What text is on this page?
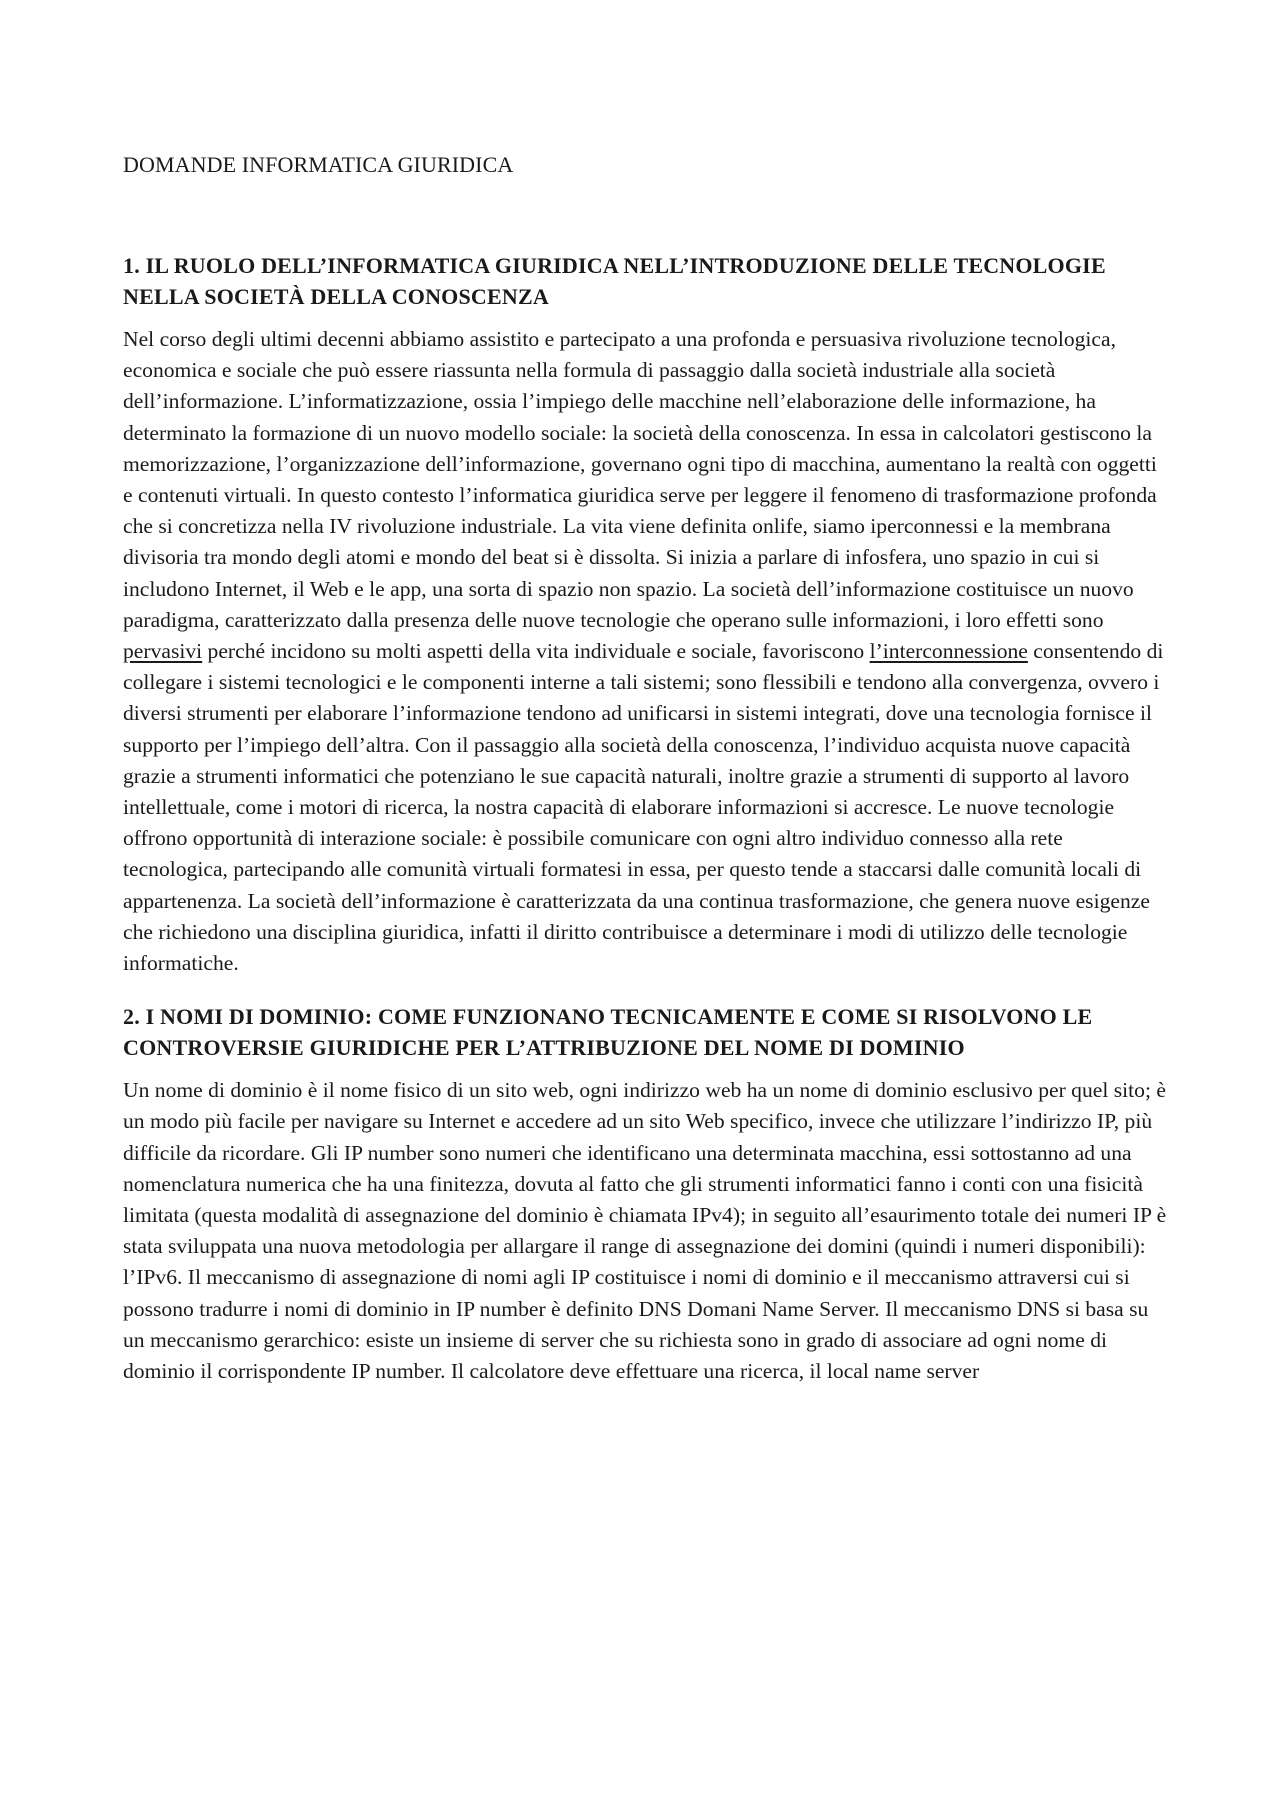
DOMANDE INFORMATICA GIURIDICA
1. IL RUOLO DELL’INFORMATICA GIURIDICA NELL’INTRODUZIONE DELLE TECNOLOGIE NELLA SOCIETÀ DELLA CONOSCENZA
Nel corso degli ultimi decenni abbiamo assistito e partecipato a una profonda e persuasiva rivoluzione tecnologica, economica e sociale che può essere riassunta nella formula di passaggio dalla società industriale alla società dell’informazione. L’informatizzazione, ossia l’impiego delle macchine nell’elaborazione delle informazione, ha determinato la formazione di un nuovo modello sociale: la società della conoscenza. In essa in calcolatori gestiscono la memorizzazione, l’organizzazione dell’informazione, governano ogni tipo di macchina, aumentano la realtà con oggetti e contenuti virtuali. In questo contesto l’informatica giuridica serve per leggere il fenomeno di trasformazione profonda che si concretizza nella IV rivoluzione industriale. La vita viene definita onlife, siamo iperconnessi e la membrana divisoria tra mondo degli atomi e mondo del beat si è dissolta. Si inizia a parlare di infosfera, uno spazio in cui si includono Internet, il Web e le app, una sorta di spazio non spazio. La società dell’informazione costituisce un nuovo paradigma, caratterizzato dalla presenza delle nuove tecnologie che operano sulle informazioni, i loro effetti sono pervasivi perché incidono su molti aspetti della vita individuale e sociale, favoriscono l’interconnessione consentendo di collegare i sistemi tecnologici e le componenti interne a tali sistemi; sono flessibili e tendono alla convergenza, ovvero i diversi strumenti per elaborare l’informazione tendono ad unificarsi in sistemi integrati, dove una tecnologia fornisce il supporto per l’impiego dell’altra. Con il passaggio alla società della conoscenza, l’individuo acquista nuove capacità grazie a strumenti informatici che potenziano le sue capacità naturali, inoltre grazie a strumenti di supporto al lavoro intellettuale, come i motori di ricerca, la nostra capacità di elaborare informazioni si accresce. Le nuove tecnologie offrono opportunità di interazione sociale: è possibile comunicare con ogni altro individuo connesso alla rete tecnologica, partecipando alle comunità virtuali formatesi in essa, per questo tende a staccarsi dalle comunità locali di appartenenza. La società dell’informazione è caratterizzata da una continua trasformazione, che genera nuove esigenze che richiedono una disciplina giuridica, infatti il diritto contribuisce a determinare i modi di utilizzo delle tecnologie informatiche.
2. I NOMI DI DOMINIO: COME FUNZIONANO TECNICAMENTE E COME SI RISOLVONO LE CONTROVERSIE GIURIDICHE PER L’ATTRIBUZIONE DEL NOME DI DOMINIO
Un nome di dominio è il nome fisico di un sito web, ogni indirizzo web ha un nome di dominio esclusivo per quel sito; è un modo più facile per navigare su Internet e accedere ad un sito Web specifico, invece che utilizzare l’indirizzo IP, più difficile da ricordare. Gli IP number sono numeri che identificano una determinata macchina, essi sottostanno ad una nomenclatura numerica che ha una finitezza, dovuta al fatto che gli strumenti informatici fanno i conti con una fisicità limitata (questa modalità di assegnazione del dominio è chiamata IPv4); in seguito all’esaurimento totale dei numeri IP è stata sviluppata una nuova metodologia per allargare il range di assegnazione dei domini (quindi i numeri disponibili): l’IPv6. Il meccanismo di assegnazione di nomi agli IP costituisce i nomi di dominio e il meccanismo attraversi cui si possono tradurre i nomi di dominio in IP number è definito DNS Domani Name Server. Il meccanismo DNS si basa su un meccanismo gerarchico: esiste un insieme di server che su richiesta sono in grado di associare ad ogni nome di dominio il corrispondente IP number. Il calcolatore deve effettuare una ricerca, il local name server
